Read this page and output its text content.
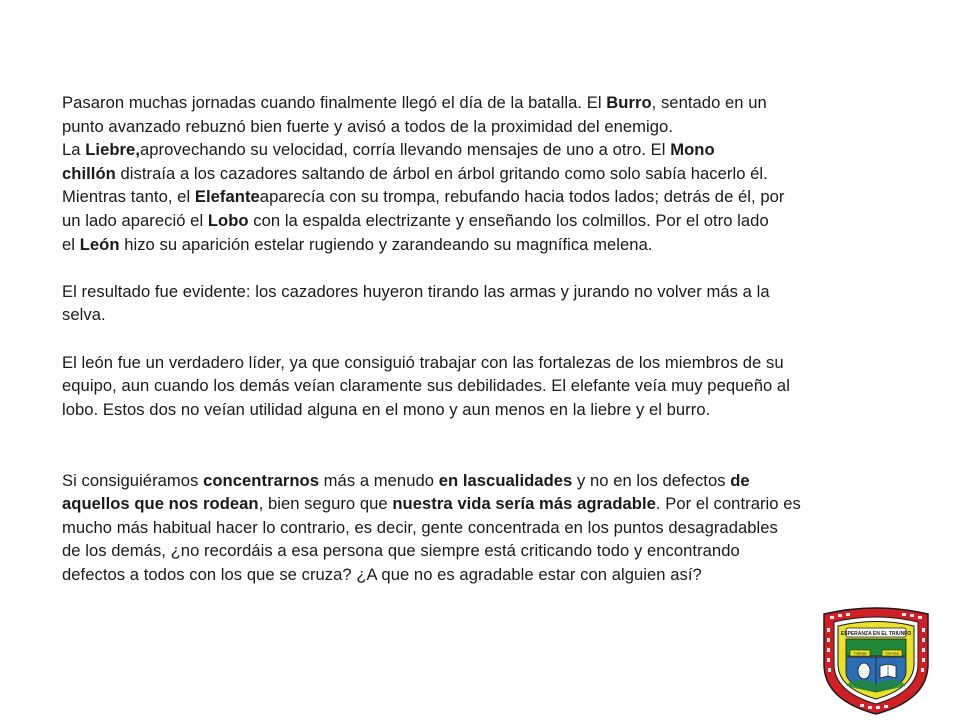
Pasaron muchas jornadas cuando finalmente llegó el día de la batalla. El Burro, sentado en un
punto avanzado rebuznó bien fuerte y avisó a todos de la proximidad del enemigo.
La Liebre,aprovechando su velocidad, corría llevando mensajes de uno a otro. El Mono
chillón distraía a los cazadores saltando de árbol en árbol gritando como solo sabía hacerlo él.
Mientras tanto, el Elefanteaparecía con su trompa, rebufando hacia todos lados; detrás de él, por
un lado apareció el Lobo con la espalda electrizante y enseñando los colmillos. Por el otro lado
el León hizo su aparición estelar rugiendo y zarandeando su magnífica melena.
El resultado fue evidente: los cazadores huyeron tirando las armas y jurando no volver más a la
selva.
El león fue un verdadero líder, ya que consiguió trabajar con las fortalezas de los miembros de su
equipo, aun cuando los demás veían claramente sus debilidades. El elefante veía muy pequeño al
lobo. Estos dos no veían utilidad alguna en el mono y aun menos en la liebre y el burro.
Si consiguiéramos concentrarnos más a menudo en lascualidades y no en los defectos de
aquellos que nos rodean, bien seguro que nuestra vida sería más agradable. Por el contrario es
mucho más habitual hacer lo contrario, es decir, gente concentrada en los puntos desagradables
de los demás, ¿no recordáis a esa persona que siempre está criticando todo y encontrando
defectos a todos con los que se cruza? ¿A que no es agradable estar con alguien así?
ESPERANZA EN EL TRIUNFO
Trabajo	Ciencia
